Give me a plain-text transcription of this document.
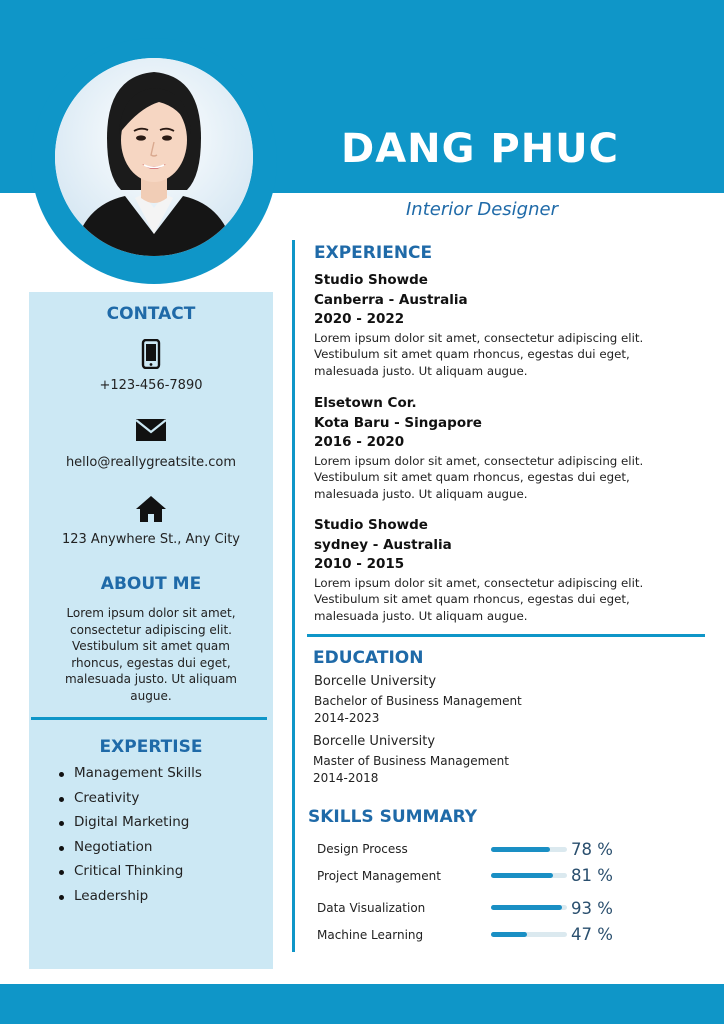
DANG PHUC
Interior Designer
CONTACT
+123-456-7890
hello@reallygreatsite.com
123 Anywhere St., Any City
ABOUT ME
Lorem ipsum dolor sit amet, consectetur adipiscing elit. Vestibulum sit amet quam rhoncus, egestas dui eget, malesuada justo. Ut aliquam augue.
EXPERTISE
Management Skills
Creativity
Digital Marketing
Negotiation
Critical Thinking
Leadership
EXPERIENCE
Studio Showde
Canberra - Australia
2020 - 2022
Lorem ipsum dolor sit amet, consectetur adipiscing elit. Vestibulum sit amet quam rhoncus, egestas dui eget, malesuada justo. Ut aliquam augue.
Elsetown Cor.
Kota Baru - Singapore
2016 - 2020
Lorem ipsum dolor sit amet, consectetur adipiscing elit. Vestibulum sit amet quam rhoncus, egestas dui eget, malesuada justo. Ut aliquam augue.
Studio Showde
sydney - Australia
2010 - 2015
Lorem ipsum dolor sit amet, consectetur adipiscing elit. Vestibulum sit amet quam rhoncus, egestas dui eget, malesuada justo. Ut aliquam augue.
EDUCATION
Borcelle University
Bachelor of Business Management
2014-2023
Borcelle University
Master of Business Management
2014-2018
SKILLS SUMMARY
Design Process	78 %
Project Management	81 %
Data Visualization	93 %
Machine Learning	47 %
